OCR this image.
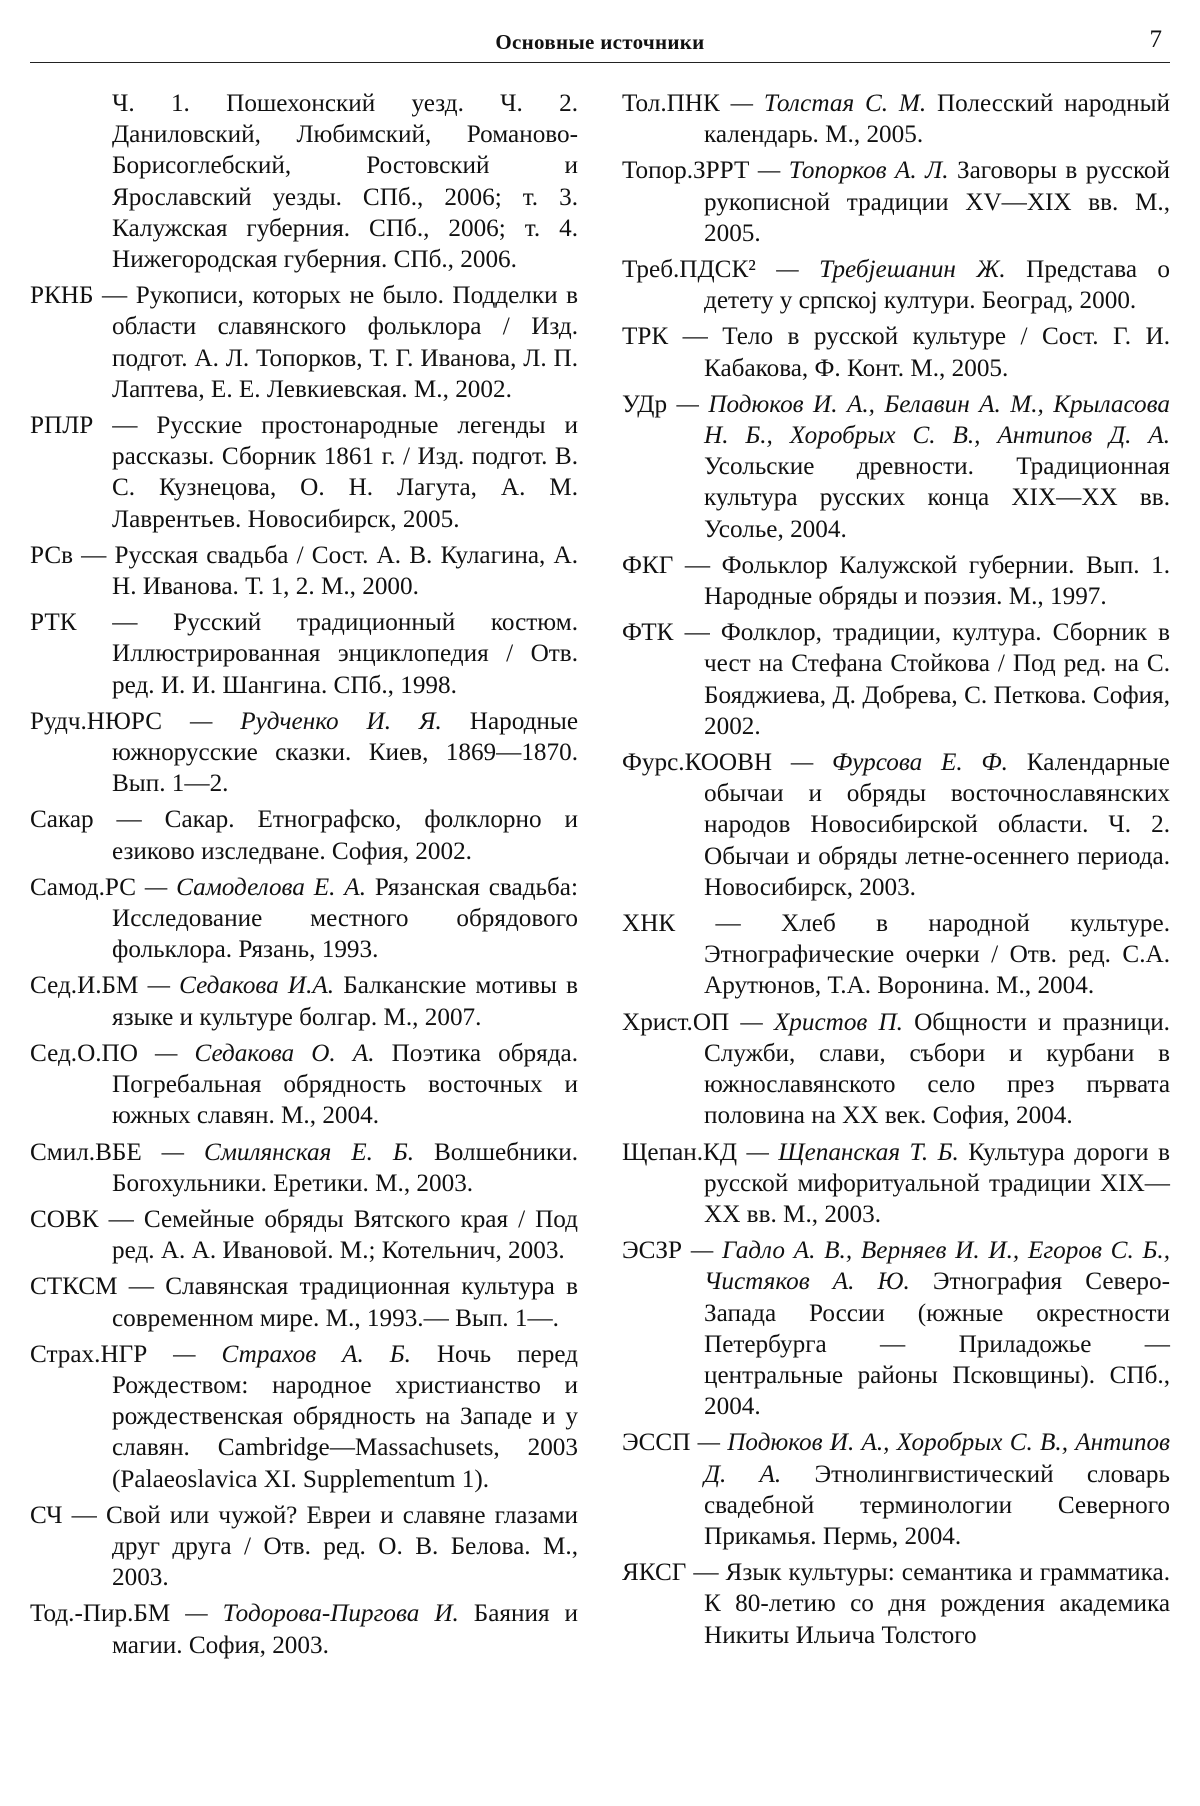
Основные источники	7

Ч. 1. Пошехонский уезд. Ч. 2. Даниловский, Любимский, Романово-Борисоглебский, Ростовский и Ярославский уезды. СПб., 2006; т. 3. Калужская губерния. СПб., 2006; т. 4. Нижегородская губерния. СПб., 2006.

РКНБ — Рукописи, которых не было. Подделки в области славянского фольклора / Изд. подгот. А. Л. Топорков, Т. Г. Иванова, Л. П. Лаптева, Е. Е. Левкиевская. М., 2002.

РПЛР — Русские простонародные легенды и рассказы. Сборник 1861 г. / Изд. подгот. В. С. Кузнецова, О. Н. Лагута, А. М. Лаврентьев. Новосибирск, 2005.

РСв — Русская свадьба / Сост. А. В. Кулагина, А. Н. Иванова. Т. 1, 2. М., 2000.

РТК — Русский традиционный костюм. Иллюстрированная энциклопедия / Отв. ред. И. И. Шангина. СПб., 1998.

Рудч.НЮРС — Рудченко И. Я. Народные южнорусские сказки. Киев, 1869—1870. Вып. 1—2.

Сакар — Сакар. Етнографско, фолклорно и езиково изследване. София, 2002.

Самод.РС — Самоделова Е. А. Рязанская свадьба: Исследование местного обрядового фольклора. Рязань, 1993.

Сед.И.БМ — Седакова И.А. Балканские мотивы в языке и культуре болгар. М., 2007.

Сед.О.ПО — Седакова О. А. Поэтика обряда. Погребальная обрядность восточных и южных славян. М., 2004.

Смил.ВБЕ — Смилянская Е. Б. Волшебники. Богохульники. Еретики. М., 2003.

СОВК — Семейные обряды Вятского края / Под ред. А. А. Ивановой. М.; Котельнич, 2003.

СТКСМ — Славянская традиционная культура в современном мире. М., 1993.— Вып. 1—.

Страх.НГР — Страхов А. Б. Ночь перед Рождеством: народное христианство и рождественская обрядность на Западе и у славян. Cambridge—Massachusets, 2003 (Palaeoslavica XI. Supplementum 1).

СЧ — Свой или чужой? Евреи и славяне глазами друг друга / Отв. ред. О. В. Белова. М., 2003.

Тод.-Пир.БМ — Тодорова-Пиргова И. Баяния и магии. София, 2003.

Тол.ПНК — Толстая С. М. Полесский народный календарь. М., 2005.

Топор.ЗРРТ — Топорков А. Л. Заговоры в русской рукописной традиции XV—XIX вв. М., 2005.

Треб.ПДСК² — Требјешанин Ж. Представа о детету у српској култури. Београд, 2000.

ТРК — Тело в русской культуре / Сост. Г. И. Кабакова, Ф. Конт. М., 2005.

УДр — Подюков И. А., Белавин А. М., Крыласова Н. Б., Хоробрых С. В., Антипов Д. А. Усольские древности. Традиционная культура русских конца XIX—XX вв. Усолье, 2004.

ФКГ — Фольклор Калужской губернии. Вып. 1. Народные обряды и поэзия. М., 1997.

ФТК — Фолклор, традиции, култура. Сборник в чест на Стефана Стойкова / Под ред. на С. Бояджиева, Д. Добрева, С. Петкова. София, 2002.

Фурс.КООВН — Фурсова Е. Ф. Календарные обычаи и обряды восточнославянских народов Новосибирской области. Ч. 2. Обычаи и обряды летне-осеннего периода. Новосибирск, 2003.

ХНК — Хлеб в народной культуре. Этнографические очерки / Отв. ред. С.А. Арутюнов, Т.А. Воронина. М., 2004.

Христ.ОП — Христов П. Общности и празници. Служби, слави, събори и курбани в южнославянското село през първата половина на XX век. София, 2004.

Щепан.КД — Щепанская Т. Б. Культура дороги в русской мифоритуальной традиции XIX—XX вв. М., 2003.

ЭСЗР — Гадло А. В., Верняев И. И., Егоров С. Б., Чистяков А. Ю. Этнография Северо-Запада России (южные окрестности Петербурга — Приладожье — центральные районы Псковщины). СПб., 2004.

ЭССП — Подюков И. А., Хоробрых С. В., Антипов Д. А. Этнолингвистический словарь свадебной терминологии Северного Прикамья. Пермь, 2004.

ЯКСГ — Язык культуры: семантика и грамматика. К 80-летию со дня рождения академика Никиты Ильича Толстого
